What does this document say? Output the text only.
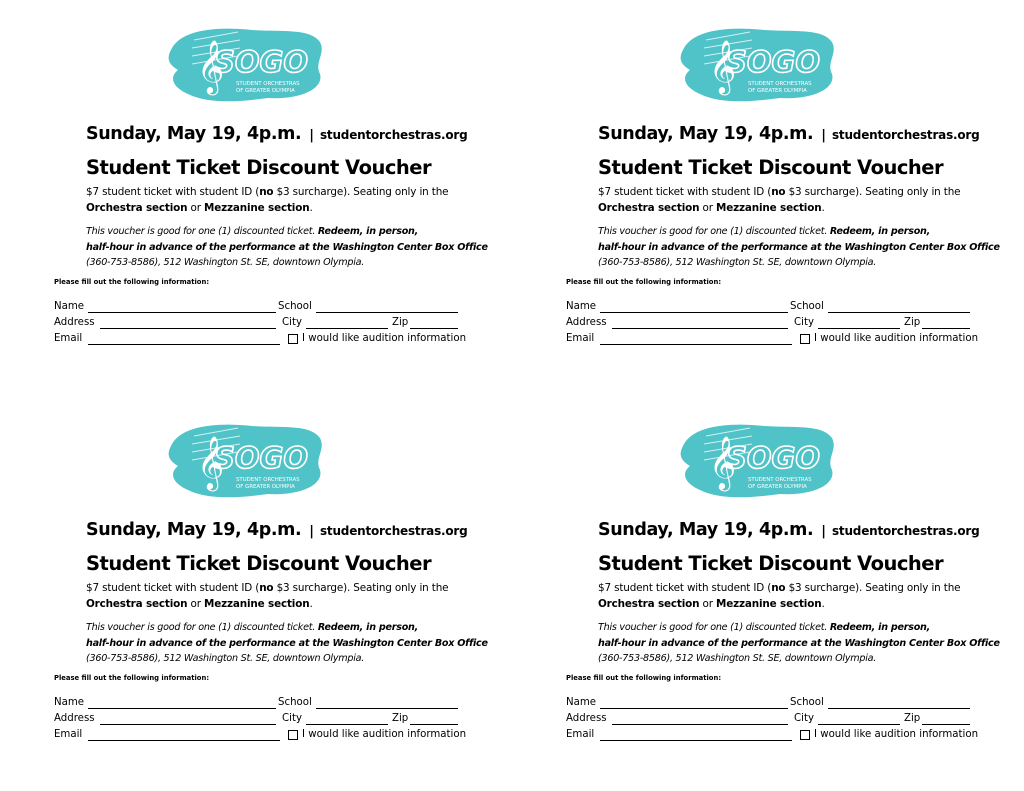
𝄞
SOGO
STUDENT ORCHESTRAS
OF GREATER OLYMPIA
Sunday, May 19, 4p.m. | studentorchestras.org
Student Ticket Discount Voucher
$7 student ticket with student ID (no $3 surcharge). Seating only in the
Orchestra section or Mezzanine section.
This voucher is good for one (1) discounted ticket. Redeem, in person,
half-hour in advance of the performance at the Washington Center Box Office
(360-753-8586), 512 Washington St. SE, downtown Olympia.
Please fill out the following information:
Name	School
Address	City	Zip
Email	I would like audition information
𝄞
SOGO
STUDENT ORCHESTRAS
OF GREATER OLYMPIA
Sunday, May 19, 4p.m. | studentorchestras.org
Student Ticket Discount Voucher
$7 student ticket with student ID (no $3 surcharge). Seating only in the
Orchestra section or Mezzanine section.
This voucher is good for one (1) discounted ticket. Redeem, in person,
half-hour in advance of the performance at the Washington Center Box Office
(360-753-8586), 512 Washington St. SE, downtown Olympia.
Please fill out the following information:
Name	School
Address	City	Zip
Email	I would like audition information
𝄞
SOGO
STUDENT ORCHESTRAS
OF GREATER OLYMPIA
Sunday, May 19, 4p.m. | studentorchestras.org
Student Ticket Discount Voucher
$7 student ticket with student ID (no $3 surcharge). Seating only in the
Orchestra section or Mezzanine section.
This voucher is good for one (1) discounted ticket. Redeem, in person,
half-hour in advance of the performance at the Washington Center Box Office
(360-753-8586), 512 Washington St. SE, downtown Olympia.
Please fill out the following information:
Name	School
Address	City	Zip
Email	I would like audition information
𝄞
SOGO
STUDENT ORCHESTRAS
OF GREATER OLYMPIA
Sunday, May 19, 4p.m. | studentorchestras.org
Student Ticket Discount Voucher
$7 student ticket with student ID (no $3 surcharge). Seating only in the
Orchestra section or Mezzanine section.
This voucher is good for one (1) discounted ticket. Redeem, in person,
half-hour in advance of the performance at the Washington Center Box Office
(360-753-8586), 512 Washington St. SE, downtown Olympia.
Please fill out the following information:
Name	School
Address	City	Zip
Email	I would like audition information
